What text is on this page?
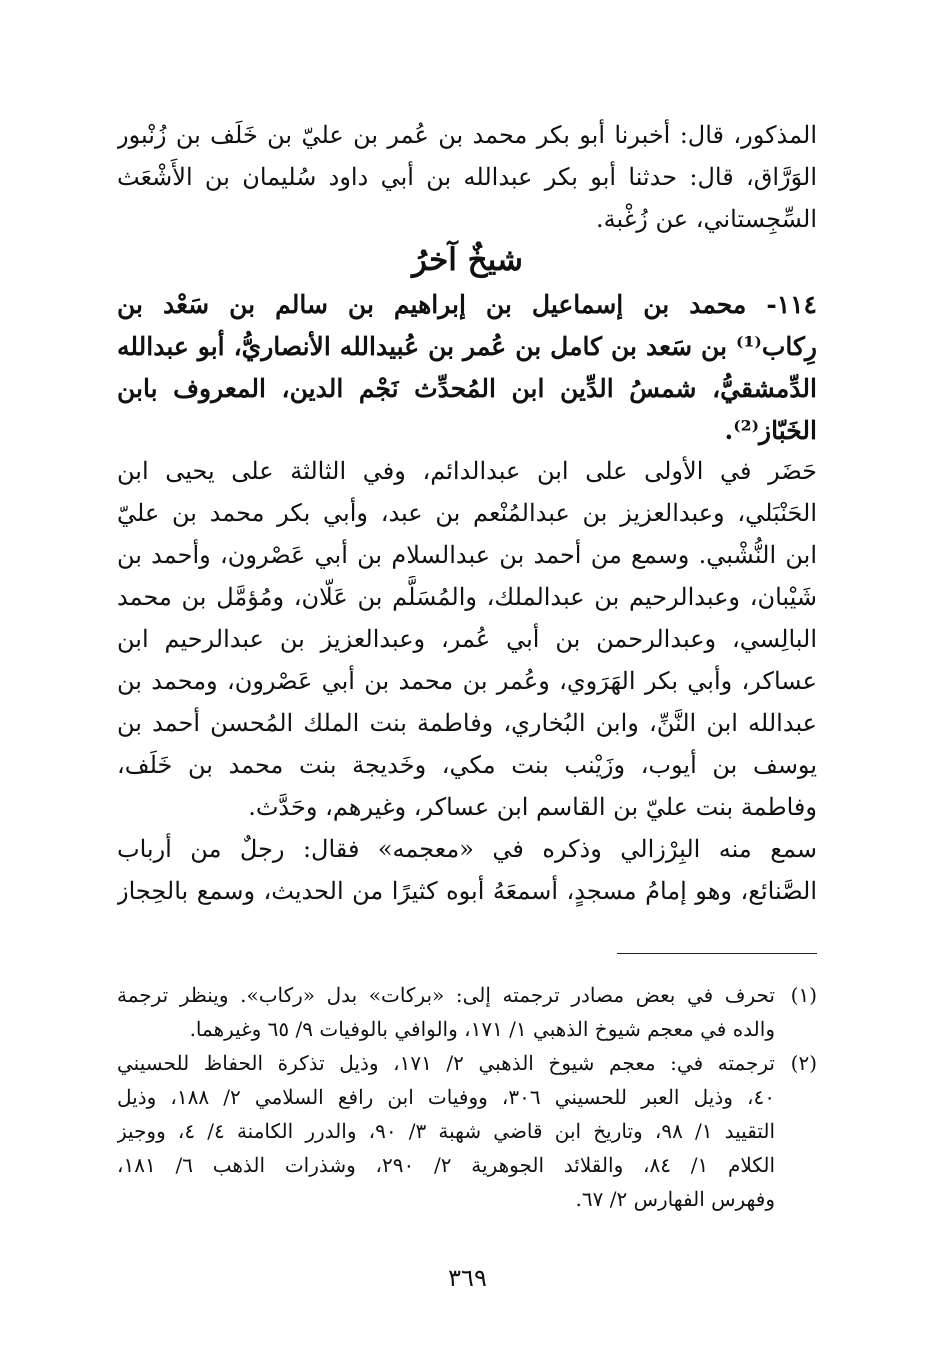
المذكور، قال: أخبرنا أبو بكر محمد بن عُمر بن عليّ بن خَلَف بن زُنْبور
الوَرَّاق، قال: حدثنا أبو بكر عبدالله بن أبي داود سُليمان بن الأَشْعَث
السِّجِستاني، عن زُغْبة.
شيخٌ آخرُ
١١٤- محمد بن إسماعيل بن إبراهيم بن سالم بن سَعْد بن
رِكاب⁽¹⁾ بن سَعد بن كامل بن عُمر بن عُبيدالله الأنصاريُّ، أبو عبدالله
الدِّمشقيُّ، شمسُ الدِّين ابن المُحدِّث نَجْم الدين، المعروف بابن
الخَبّاز⁽²⁾.
حَضَر في الأولى على ابن عبدالدائم، وفي الثالثة على يحيى ابن
الحَنْبَلي، وعبدالعزيز بن عبدالمُنْعم بن عبد، وأبي بكر محمد بن عليّ
ابن النُّشْبي. وسمع من أحمد بن عبدالسلام بن أبي عَصْرون، وأحمد بن
شَيْبان، وعبدالرحيم بن عبدالملك، والمُسَلَّم بن عَلّان، ومُؤمَّل بن محمد
البالِسي، وعبدالرحمن بن أبي عُمر، وعبدالعزيز بن عبدالرحيم ابن
عساكر، وأبي بكر الهَرَوي، وعُمر بن محمد بن أبي عَصْرون، ومحمد بن
عبدالله ابن النَّنِّ، وابن البُخاري، وفاطمة بنت الملك المُحسن أحمد بن
يوسف بن أيوب، وزَيْنب بنت مكي، وخَديجة بنت محمد بن خَلَف،
وفاطمة بنت عليّ بن القاسم ابن عساكر، وغيرهم، وحَدَّث.
سمع منه البِرْزالي وذكره في «معجمه» فقال: رجلٌ من أرباب
الصَّنائع، وهو إمامُ مسجدٍ، أسمعَهُ أبوه كثيرًا من الحديث، وسمع بالحِجاز
(١)
تحرف في بعض مصادر ترجمته إلى: «بركات» بدل «ركاب». وينظر ترجمة
والده في معجم شيوخ الذهبي ١/ ١٧١، والوافي بالوفيات ٩/ ٦٥ وغيرهما.
(٢)
ترجمته في: معجم شيوخ الذهبي ٢/ ١٧١، وذيل تذكرة الحفاظ للحسيني
٤٠، وذيل العبر للحسيني ٣٠٦، ووفيات ابن رافع السلامي ٢/ ١٨٨، وذيل
التقييد ١/ ٩٨، وتاريخ ابن قاضي شهبة ٣/ ٩٠، والدرر الكامنة ٤/ ٤، ووجيز
الكلام ١/ ٨٤، والقلائد الجوهرية ٢/ ٢٩٠، وشذرات الذهب ٦/ ١٨١،
وفهرس الفهارس ٢/ ٦٧.
٣٦٩
